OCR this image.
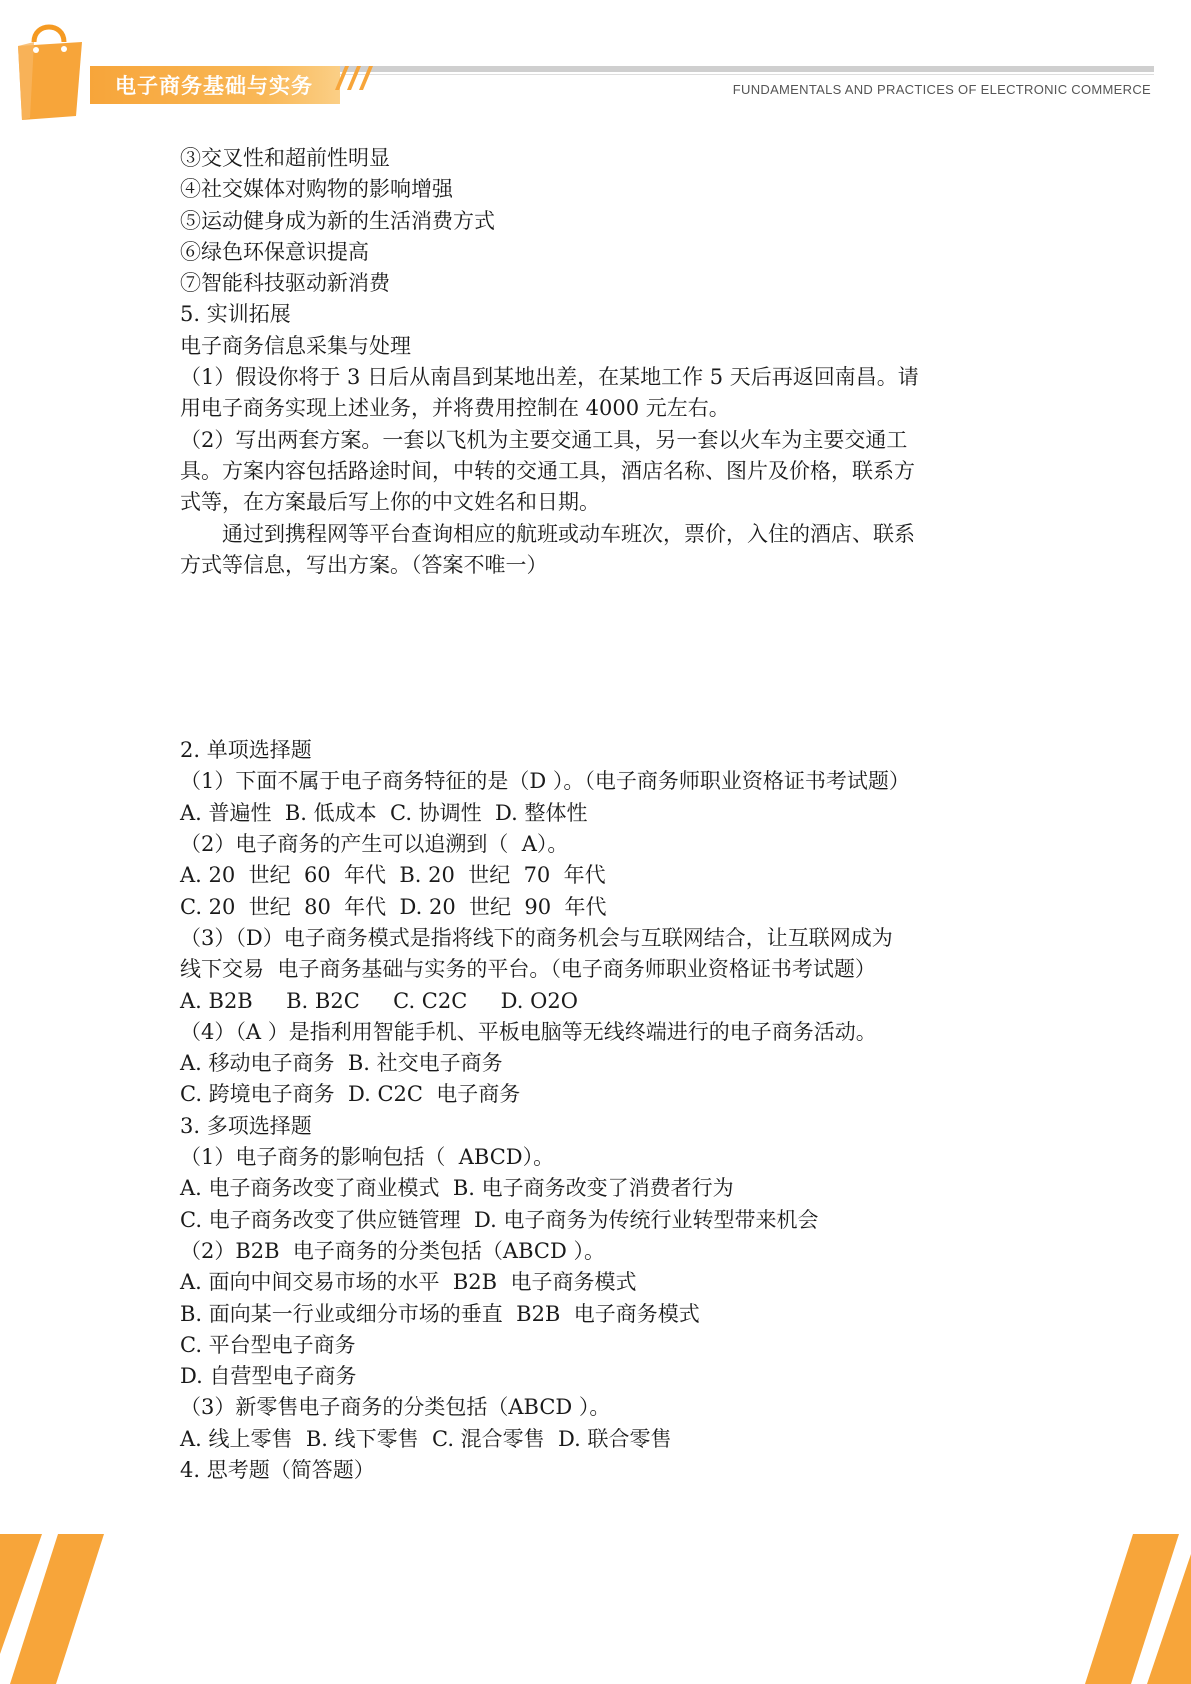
电子商务基础与实务	FUNDAMENTALS AND PRACTICES OF ELECTRONIC COMMERCE
③交叉性和超前性明显
④社交媒体对购物的影响增强
⑤运动健身成为新的生活消费方式
⑥绿色环保意识提高
⑦智能科技驱动新消费
5. 实训拓展
电子商务信息采集与处理
（1）假设你将于 3 日后从南昌到某地出差，在某地工作 5 天后再返回南昌。请
用电子商务实现上述业务，并将费用控制在 4000 元左右。
（2）写出两套方案。一套以飞机为主要交通工具，另一套以火车为主要交通工
具。方案内容包括路途时间，中转的交通工具，酒店名称、图片及价格，联系方
式等，在方案最后写上你的中文姓名和日期。
通过到携程网等平台查询相应的航班或动车班次，票价，入住的酒店、联系
方式等信息，写出方案。（答案不唯一）
2. 单项选择题
（1）下面不属于电子商务特征的是（D ）。（电子商务师职业资格证书考试题）
A. 普遍性  B. 低成本  C. 协调性  D. 整体性
（2）电子商务的产生可以追溯到（  A）。
A. 20  世纪  60  年代  B. 20  世纪  70  年代
C. 20  世纪  80  年代  D. 20  世纪  90  年代
（3）（D）电子商务模式是指将线下的商务机会与互联网结合，让互联网成为
线下交易  电子商务基础与实务的平台。（电子商务师职业资格证书考试题）
A. B2B     B. B2C     C. C2C     D. O2O
（4）（A ）是指利用智能手机、平板电脑等无线终端进行的电子商务活动。
A. 移动电子商务  B. 社交电子商务
C. 跨境电子商务  D. C2C  电子商务
3. 多项选择题
（1）电子商务的影响包括（  ABCD）。
A. 电子商务改变了商业模式  B. 电子商务改变了消费者行为
C. 电子商务改变了供应链管理  D. 电子商务为传统行业转型带来机会
（2）B2B  电子商务的分类包括（ABCD ）。
A. 面向中间交易市场的水平  B2B  电子商务模式
B. 面向某一行业或细分市场的垂直  B2B  电子商务模式
C. 平台型电子商务
D. 自营型电子商务
（3）新零售电子商务的分类包括（ABCD ）。
A. 线上零售  B. 线下零售  C. 混合零售  D. 联合零售
4. 思考题（简答题）
